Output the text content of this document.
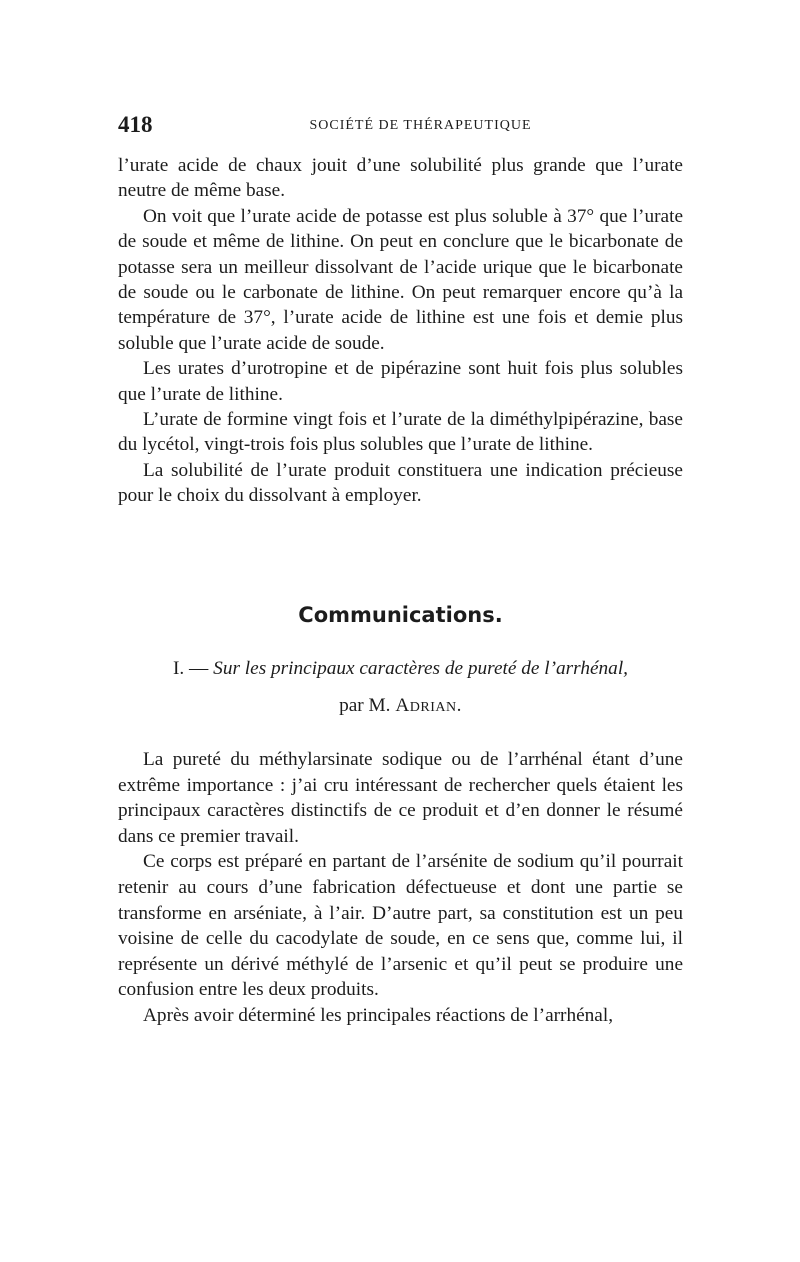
418	SOCIÉTÉ DE THÉRAPEUTIQUE

l’urate acide de chaux jouit d’une solubilité plus grande que l’urate neutre de même base.

On voit que l’urate acide de potasse est plus soluble à 37° que l’urate de soude et même de lithine. On peut en conclure que le bicarbonate de potasse sera un meilleur dissolvant de l’acide urique que le bicarbonate de soude ou le carbonate de lithine. On peut remarquer encore qu’à la température de 37°, l’urate acide de lithine est une fois et demie plus soluble que l’urate acide de soude.

Les urates d’urotropine et de pipérazine sont huit fois plus solubles que l’urate de lithine.

L’urate de formine vingt fois et l’urate de la diméthylpipérazine, base du lycétol, vingt-trois fois plus solubles que l’urate de lithine.

La solubilité de l’urate produit constituera une indication précieuse pour le choix du dissolvant à employer.

Communications.
I. — Sur les principaux caractères de pureté de l’arrhénal,
par M. Adrian.

La pureté du méthylarsinate sodique ou de l’arrhénal étant d’une extrême importance : j’ai cru intéressant de rechercher quels étaient les principaux caractères distinctifs de ce produit et d’en donner le résumé dans ce premier travail.

Ce corps est préparé en partant de l’arsénite de sodium qu’il pourrait retenir au cours d’une fabrication défectueuse et dont une partie se transforme en arséniate, à l’air. D’autre part, sa constitution est un peu voisine de celle du cacodylate de soude, en ce sens que, comme lui, il représente un dérivé méthylé de l’arsenic et qu’il peut se produire une confusion entre les deux produits.

Après avoir déterminé les principales réactions de l’arrhénal,
